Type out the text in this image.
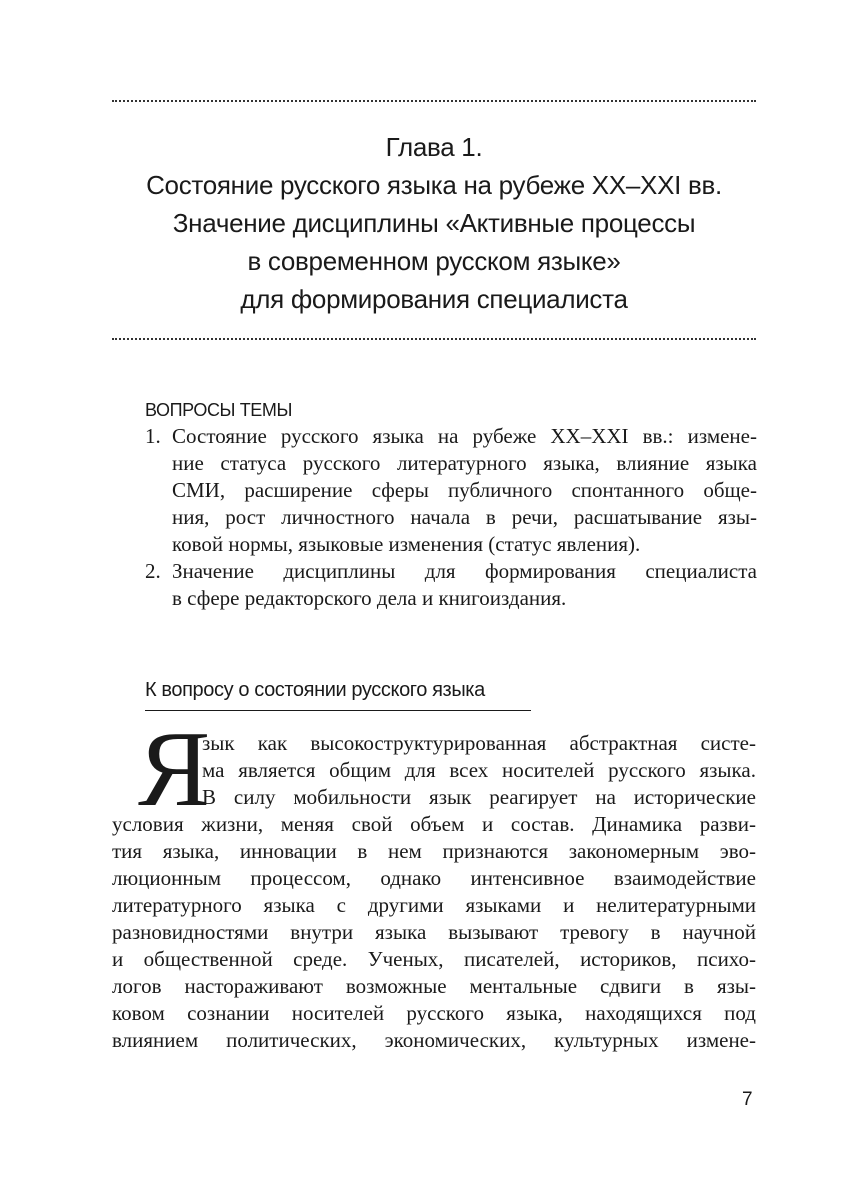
Глава 1.
Состояние русского языка на рубеже XX–XXI вв.
Значение дисциплины «Активные процессы
в современном русском языке»
для формирования специалиста
ВОПРОСЫ ТЕМЫ
1. Состояние русского языка на рубеже XX–XXI вв.: измене-
ние статуса русского литературного языка, влияние языка
СМИ, расширение сферы публичного спонтанного обще-
ния, рост личностного начала в речи, расшатывание язы-
ковой нормы, языковые изменения (статус явления).
2. Значение дисциплины для формирования специалиста
в сфере редакторского дела и книгоиздания.
К вопросу о состоянии русского языка
Я
зык как высокоструктурированная абстрактная систе-
ма является общим для всех носителей русского языка.
В силу мобильности язык реагирует на исторические
условия жизни, меняя свой объем и состав. Динамика разви-
тия языка, инновации в нем признаются закономерным эво-
люционным процессом, однако интенсивное взаимодействие
литературного языка с другими языками и нелитературными
разновидностями внутри языка вызывают тревогу в научной
и общественной среде. Ученых, писателей, историков, психо-
логов настораживают возможные ментальные сдвиги в язы-
ковом сознании носителей русского языка, находящихся под
влиянием политических, экономических, культурных измене-
7
